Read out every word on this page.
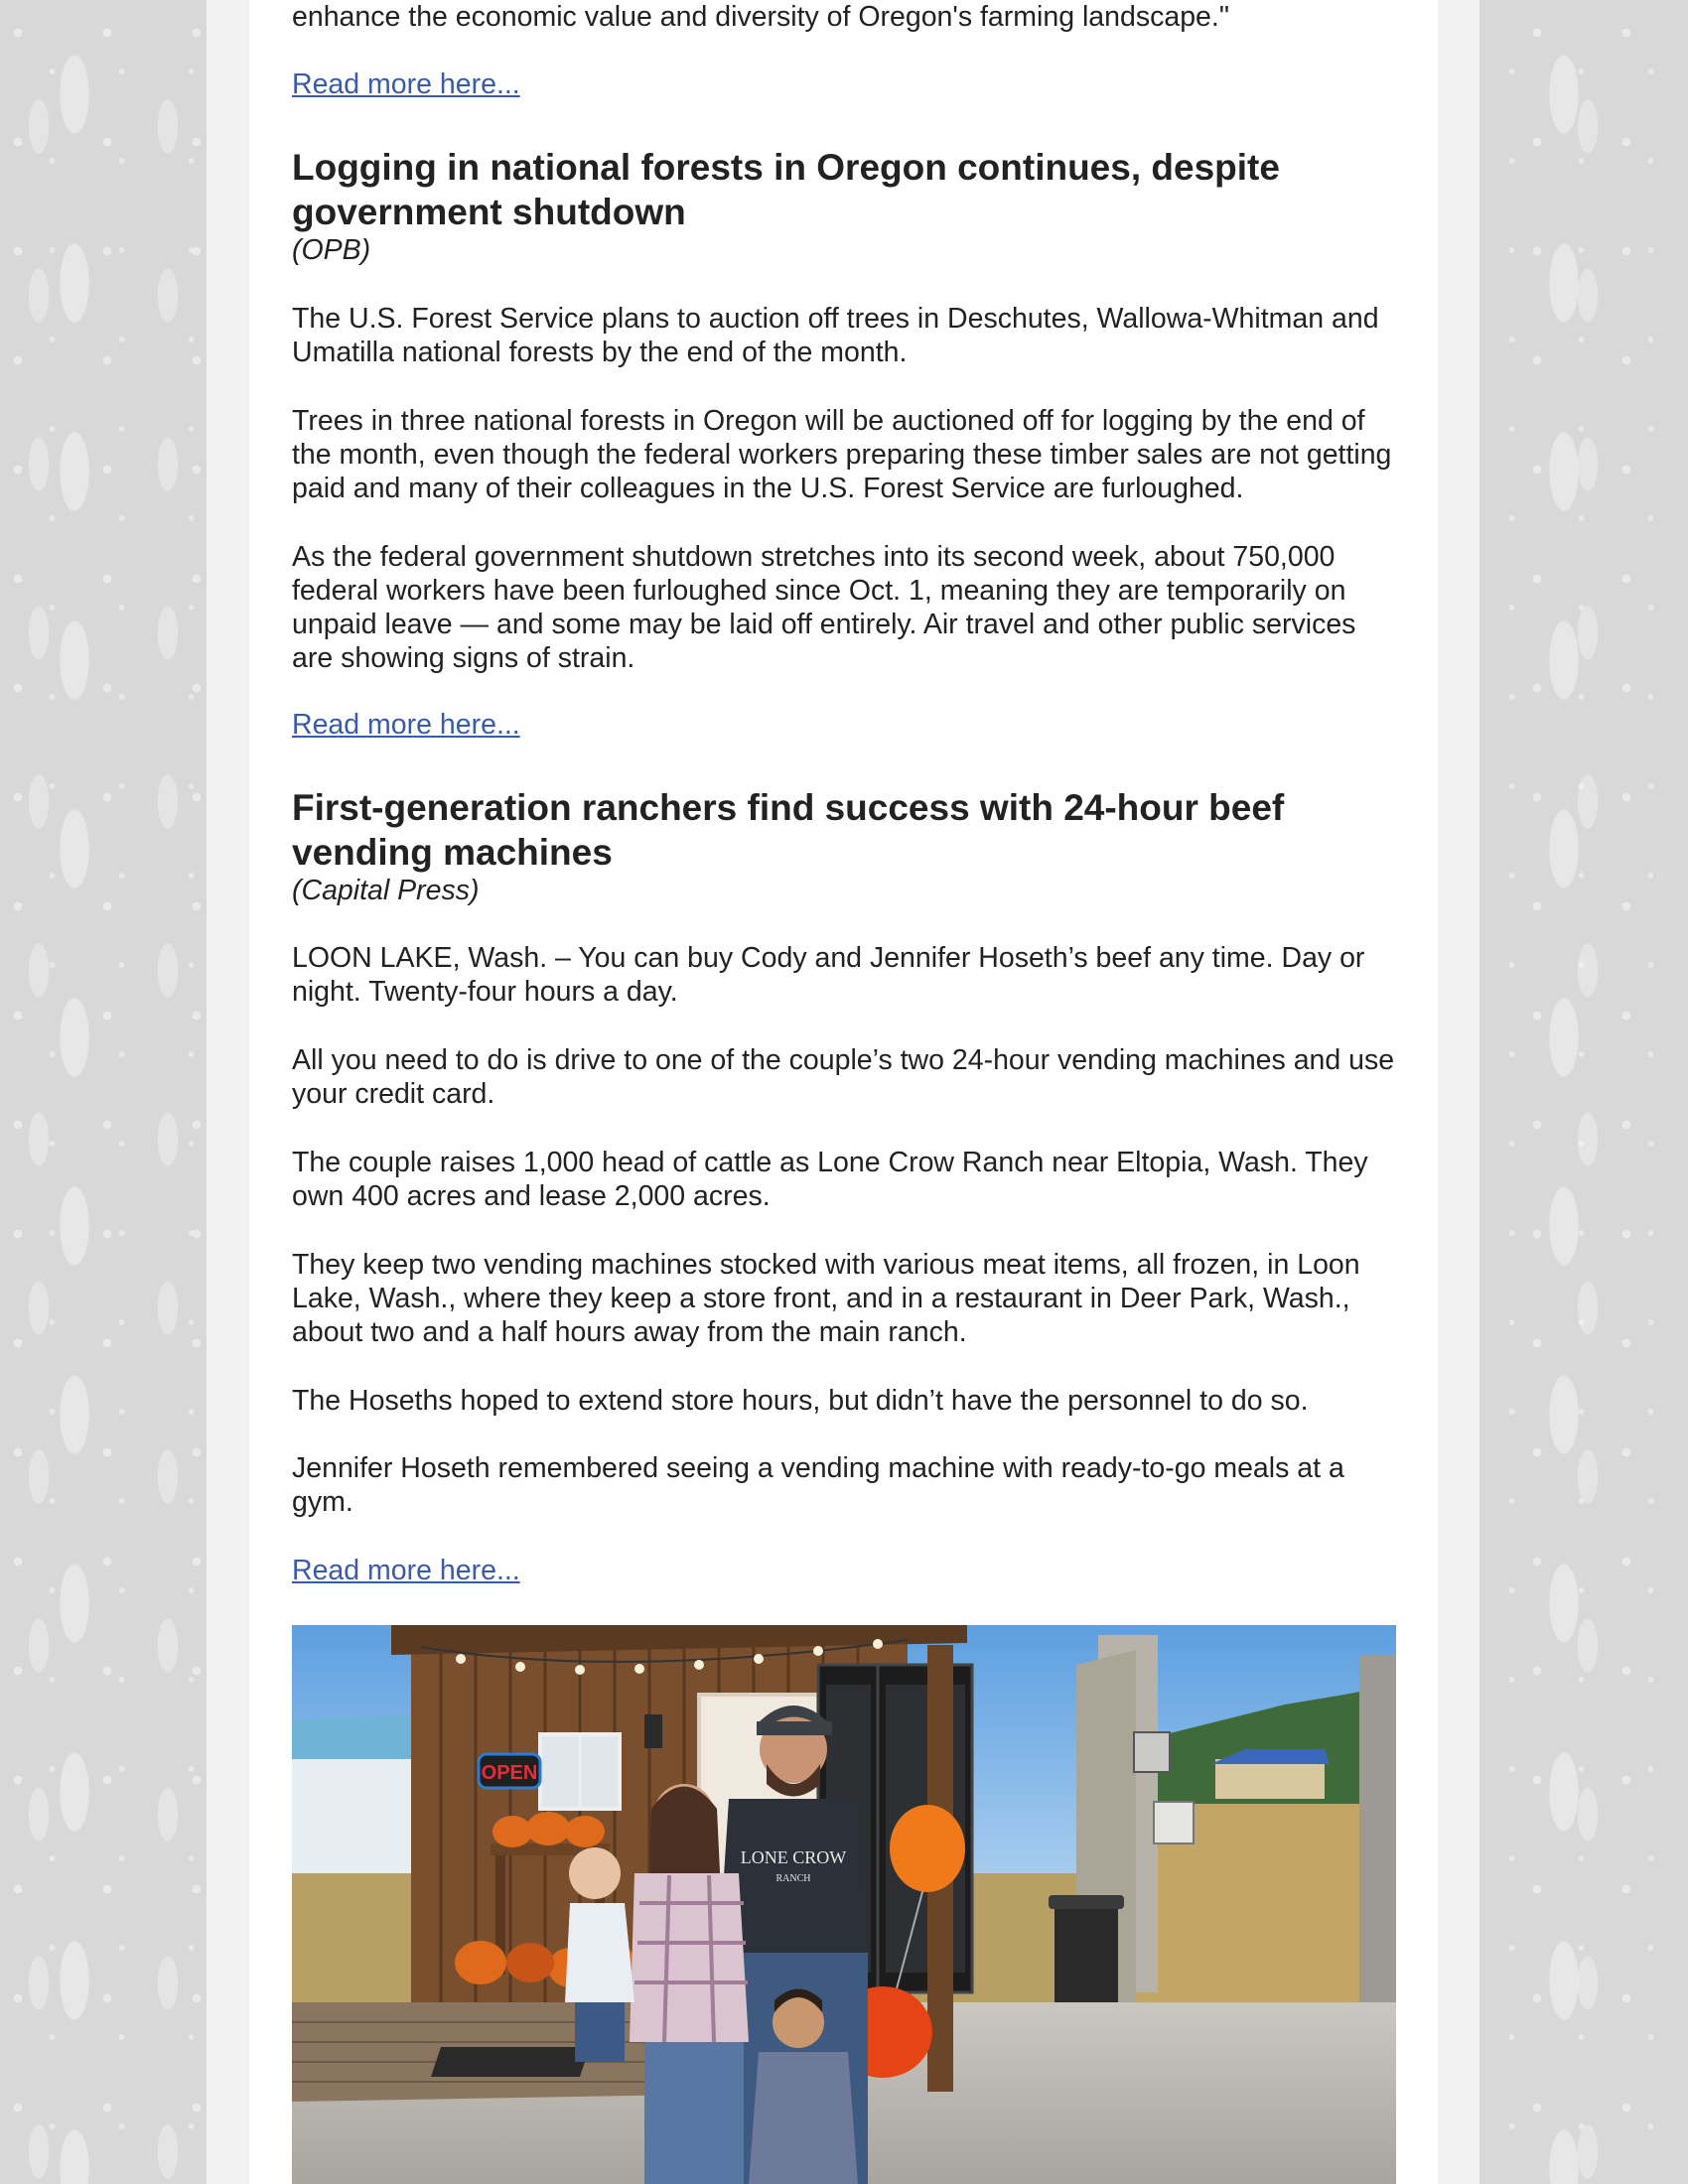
enhance the economic value and diversity of Oregon's farming landscape."

Read more here...
Logging in national forests in Oregon continues, despite government shutdown

(OPB)

The U.S. Forest Service plans to auction off trees in Deschutes, Wallowa-Whitman and Umatilla national forests by the end of the month.

Trees in three national forests in Oregon will be auctioned off for logging by the end of the month, even though the federal workers preparing these timber sales are not getting paid and many of their colleagues in the U.S. Forest Service are furloughed.

As the federal government shutdown stretches into its second week, about 750,000 federal workers have been furloughed since Oct. 1, meaning they are temporarily on unpaid leave — and some may be laid off entirely. Air travel and other public services are showing signs of strain.

Read more here...
First-generation ranchers find success with 24-hour beef vending machines

(Capital Press)

LOON LAKE, Wash. – You can buy Cody and Jennifer Hoseth’s beef any time. Day or night. Twenty-four hours a day.

All you need to do is drive to one of the couple’s two 24-hour vending machines and use your credit card.

The couple raises 1,000 head of cattle as Lone Crow Ranch near Eltopia, Wash. They own 400 acres and lease 2,000 acres.

They keep two vending machines stocked with various meat items, all frozen, in Loon Lake, Wash., where they keep a store front, and in a restaurant in Deer Park, Wash., about two and a half hours away from the main ranch.

The Hoseths hoped to extend store hours, but didn’t have the personnel to do so.

Jennifer Hoseth remembered seeing a vending machine with ready-to-go meals at a gym.

Read more here...
OPEN
LONE CROW
RANCH
